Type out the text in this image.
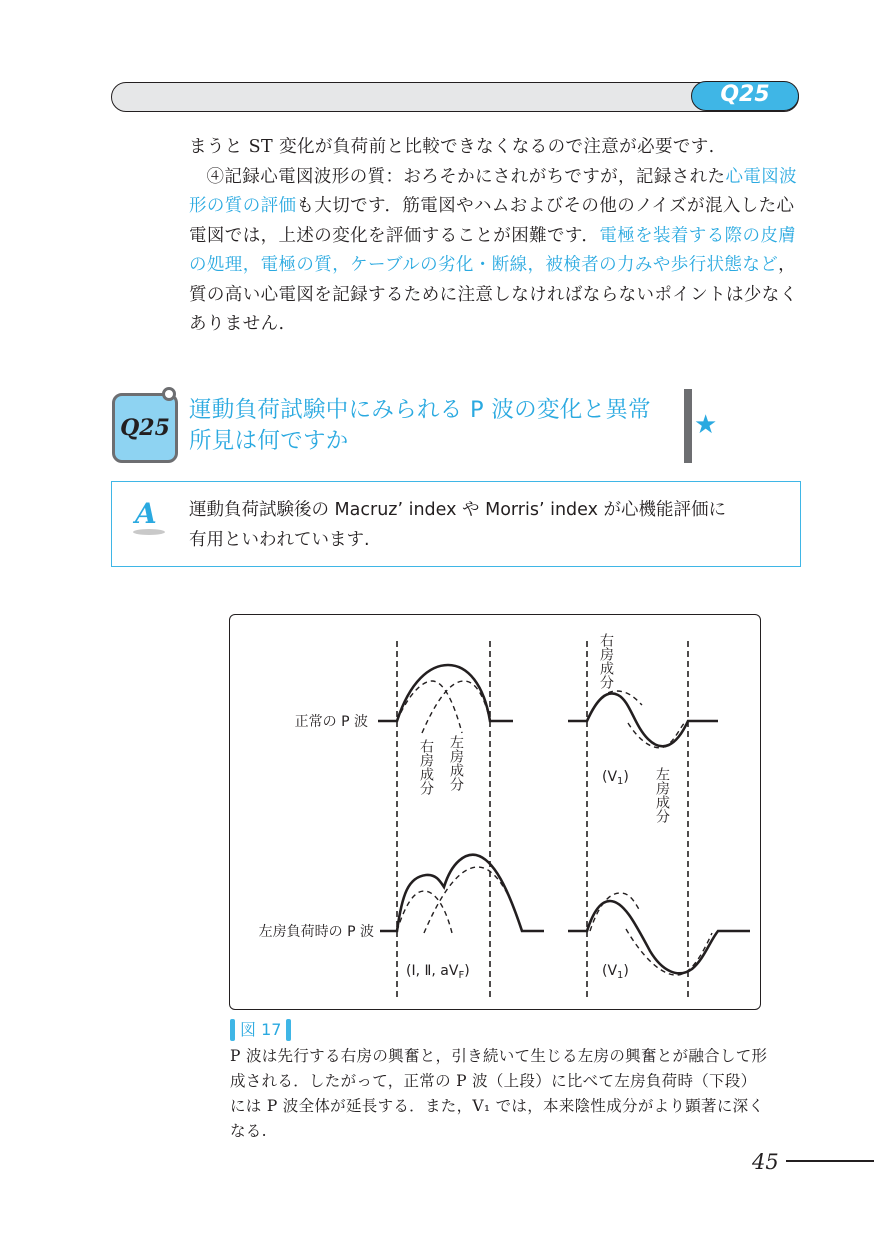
Q25

まうと ST 変化が負荷前と比較できなくなるので注意が必要です.

④記録心電図波形の質：おろそかにされがちですが，記録された心電図波形の質の評価も大切です．筋電図やハムおよびその他のノイズが混入した心電図では，上述の変化を評価することが困難です．電極を装着する際の皮膚の処理，電極の質，ケーブルの劣化・断線，被検者の力みや歩行状態など，質の高い心電図を記録するために注意しなければならないポイントは少なくありません.

Q25
運動負荷試験中にみられる P 波の変化と異常
所見は何ですか
★
A	運動負荷試験後の Macruz’ index や Morris’ index が心機能評価に
有用といわれています.
正常の P 波
左房負荷時の P 波
右房成分 左房成分
右房成分
左房成分
$(V_1)$
(Ⅰ, Ⅱ, $aV_F$)	$(V_1)$
図 17
P 波は先行する右房の興奮と，引き続いて生じる左房の興奮とが融合して形成される．したがって，正常の P 波（上段）に比べて左房負荷時（下段）には P 波全体が延長する．また，V₁ では，本来陰性成分がより顕著に深くなる.
45
